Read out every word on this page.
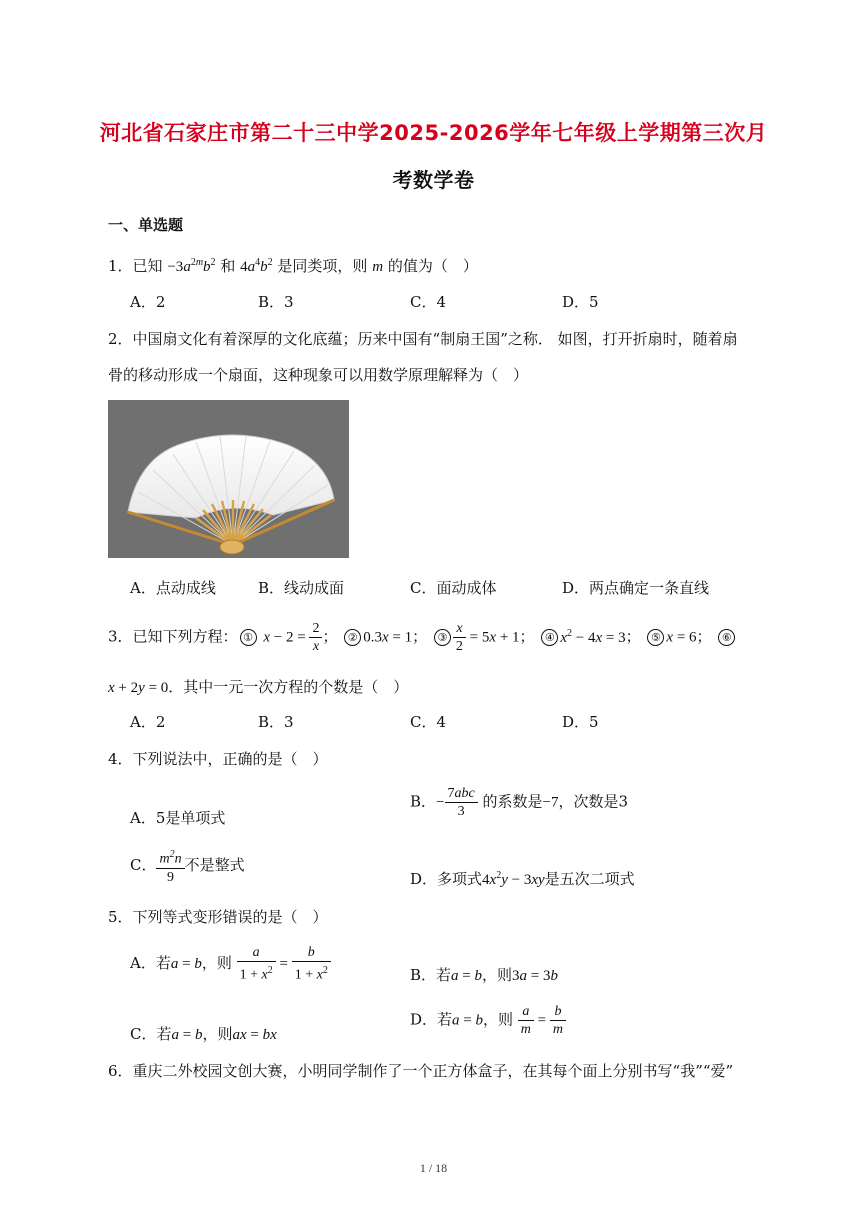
河北省石家庄市第二十三中学2025-2026学年七年级上学期第三次月
考数学卷
一、单选题
1．已知 $-3a^{2m}b^2$ 和 $4a^4b^2$ 是同类项，则 m 的值为（　）
A．2	B．3	C．4	D．5
2．中国扇文化有着深厚的文化底蕴；历来中国有“制扇王国”之称． 如图，打开折扇时，随着扇
骨的移动形成一个扇面，这种现象可以用数学原理解释为（　）
A．点动成线	B．线动成面	C．面动成体	D．两点确定一条直线
3．已知下列方程： ① $x - 2 = \frac{2}{x}$ ； ② 0.3x = 1； ③ $\frac{x}{2} = 5x + 1$； ④ $x^2 - 4x = 3$； ⑤ x = 6； ⑥
x + 2y = 0．其中一元一次方程的个数是（　）
A．2	B．3	C．4	D．5
4．下列说法中，正确的是（　）
A．5是单项式
B．− $\frac{\text{7abc}}{3}$ 的系数是−7，次数是3
C． $\frac{m^2n}{9}$ 不是整式
D．多项式$4x^2y - 3xy$是五次二项式
5．下列等式变形错误的是（　）
A．若a = b，则 $\frac{a}{1 + x^2} = \frac{b}{1 + x^2}$	B．若a = b，则3a = 3b
C．若a = b，则ax = bx
D．若a = b，则 $\frac{a}{m} = \frac{b}{m}$
6．重庆二外校园文创大赛，小明同学制作了一个正方体盒子，在其每个面上分别书写“我”“爱”
1 / 18
